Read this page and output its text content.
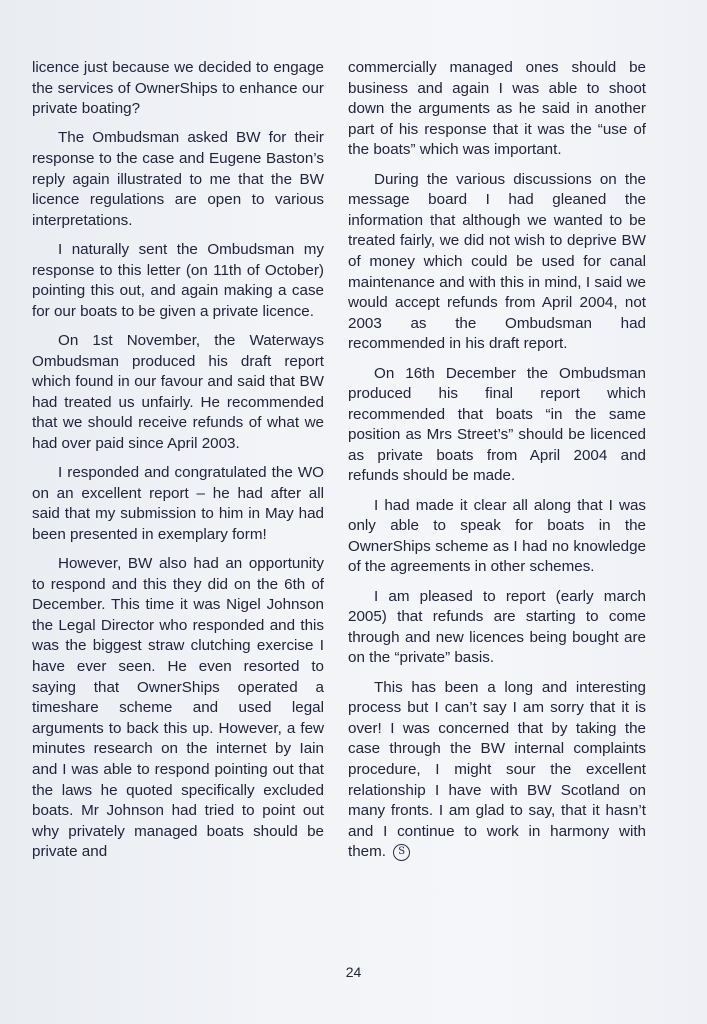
licence just because we decided to engage the services of OwnerShips to enhance our private boating?

The Ombudsman asked BW for their response to the case and Eugene Baston’s reply again illustrated to me that the BW licence regulations are open to various interpretations.

I naturally sent the Ombudsman my response to this letter (on 11th of October) pointing this out, and again making a case for our boats to be given a private licence.

On 1st November, the Waterways Ombudsman produced his draft report which found in our favour and said that BW had treated us unfairly. He recommended that we should receive refunds of what we had over paid since April 2003.

I responded and congratulated the WO on an excellent report – he had after all said that my submission to him in May had been presented in exemplary form!

However, BW also had an opportunity to respond and this they did on the 6th of December. This time it was Nigel Johnson the Legal Director who responded and this was the biggest straw clutching exercise I have ever seen. He even resorted to saying that OwnerShips operated a timeshare scheme and used legal arguments to back this up. However, a few minutes research on the internet by Iain and I was able to respond pointing out that the laws he quoted specifically excluded boats. Mr Johnson had tried to point out why privately managed boats should be private and

commercially managed ones should be business and again I was able to shoot down the arguments as he said in another part of his response that it was the “use of the boats” which was important.

During the various discussions on the message board I had gleaned the information that although we wanted to be treated fairly, we did not wish to deprive BW of money which could be used for canal maintenance and with this in mind, I said we would accept refunds from April 2004, not 2003 as the Ombudsman had recommended in his draft report.

On 16th December the Ombudsman produced his final report which recommended that boats “in the same position as Mrs Street’s” should be licenced as private boats from April 2004 and refunds should be made.

I had made it clear all along that I was only able to speak for boats in the OwnerShips scheme as I had no knowledge of the agreements in other schemes.

I am pleased to report (early march 2005) that refunds are starting to come through and new licences being bought are on the “private” basis.

This has been a long and interesting process but I can’t say I am sorry that it is over! I was concerned that by taking the case through the BW internal complaints procedure, I might sour the excellent relationship I have with BW Scotland on many fronts. I am glad to say, that it hasn’t and I continue to work in harmony with them. S

24
